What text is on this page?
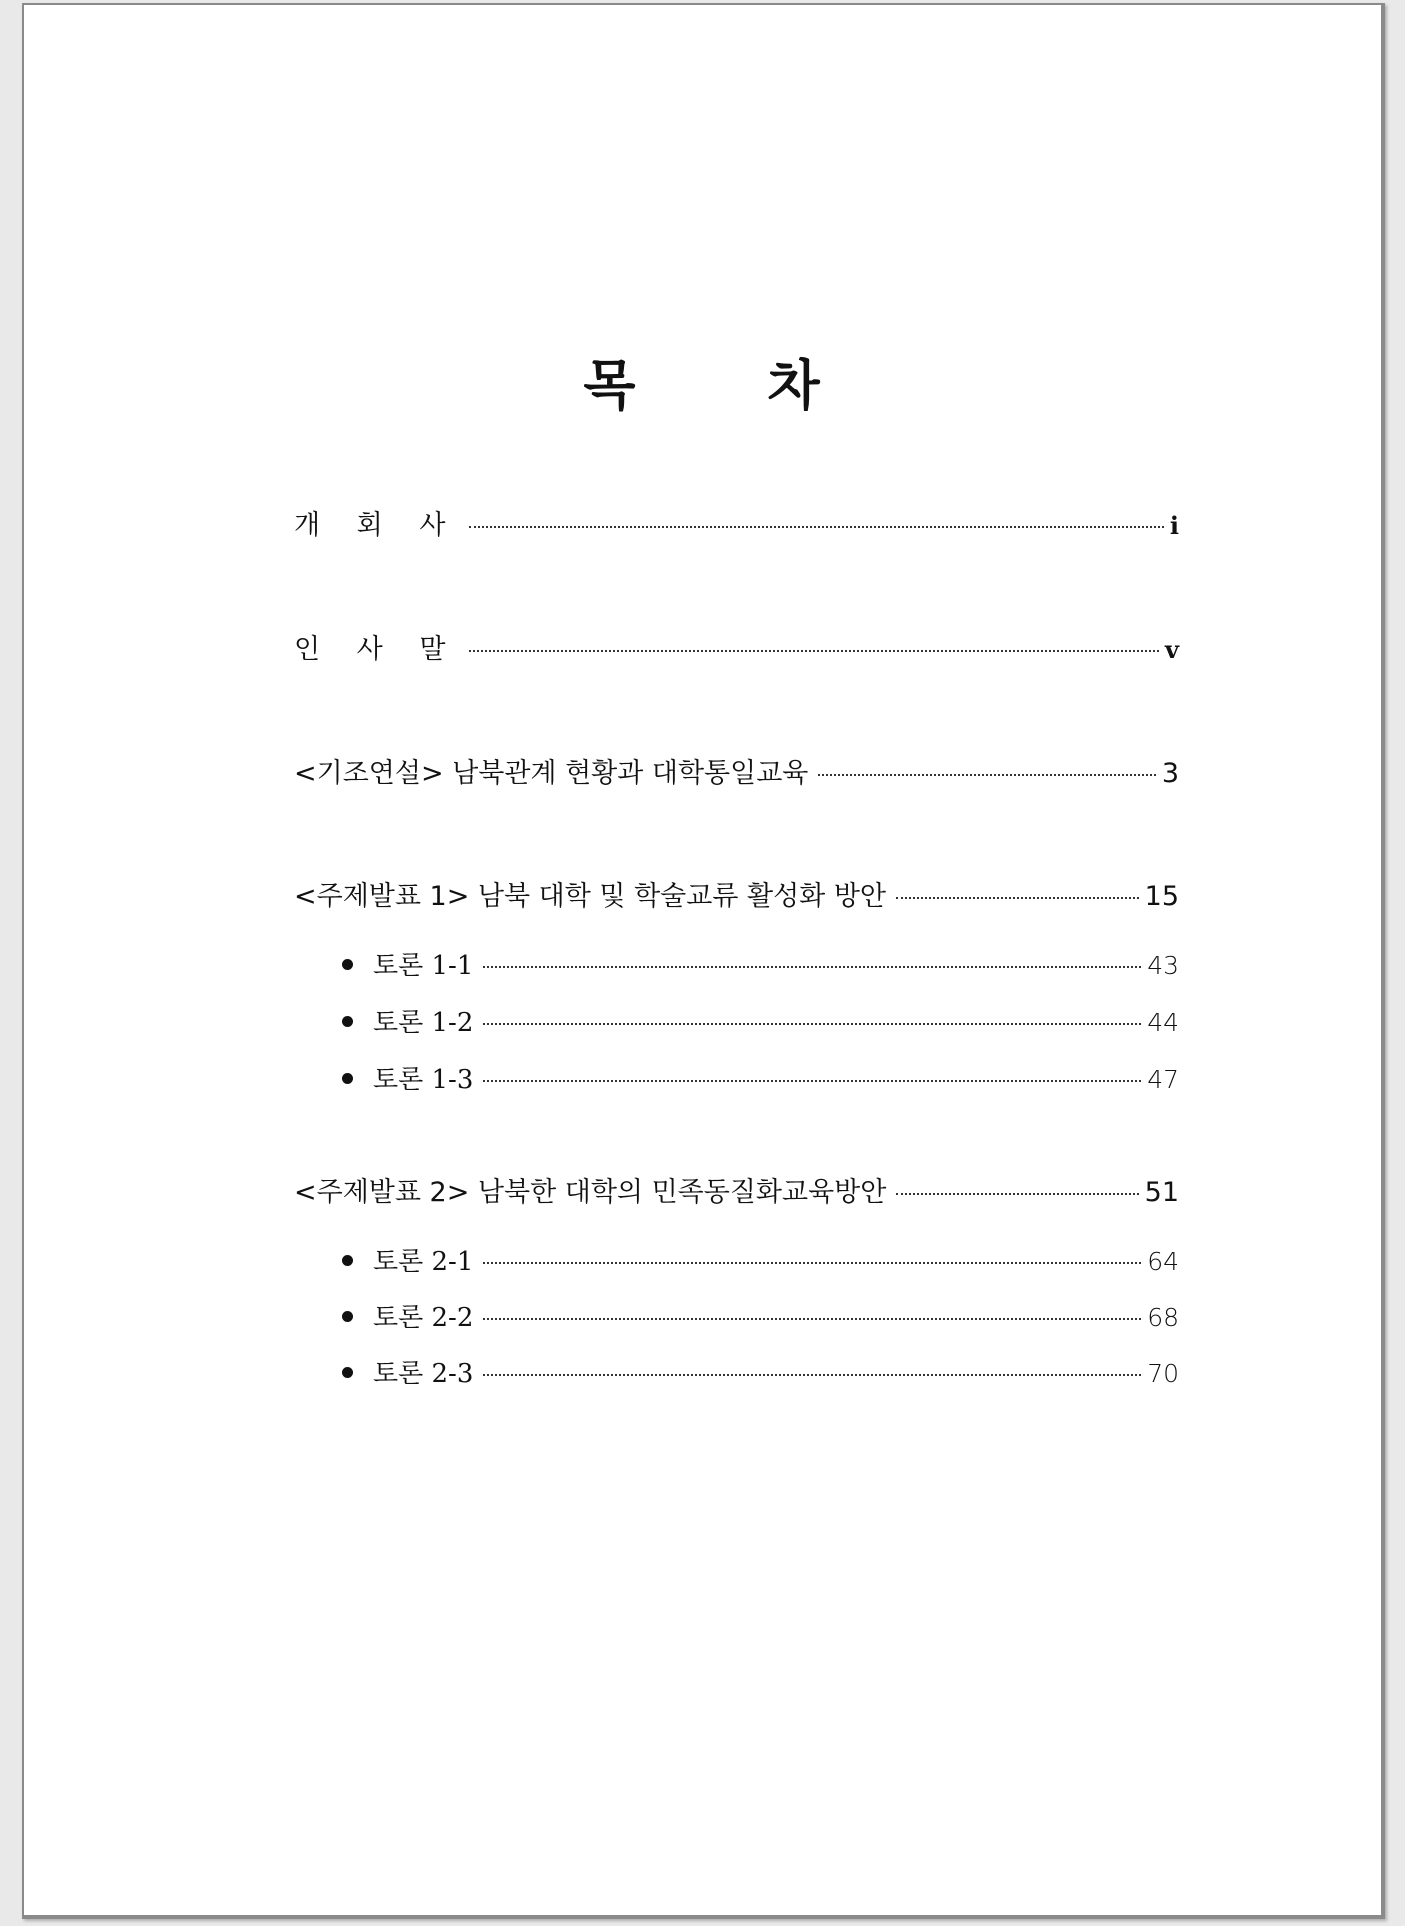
목 차
개 회 사	i
인 사 말	v
<기조연설> 남북관계 현황과 대학통일교육	3
<주제발표 1> 남북 대학 및 학술교류 활성화 방안	15
토론 1-1	43
토론 1-2	44
토론 1-3	47
<주제발표 2> 남북한 대학의 민족동질화교육방안	51
토론 2-1	64
토론 2-2	68
토론 2-3	70
